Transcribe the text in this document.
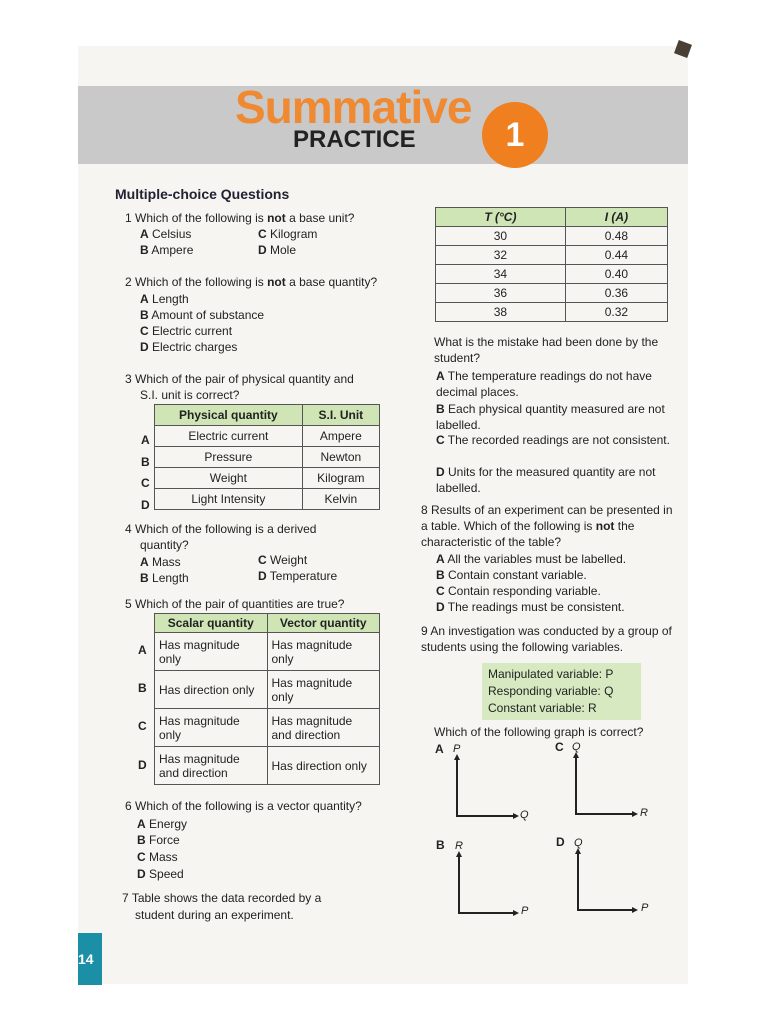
Summative
PRACTICE	1
Multiple-choice Questions
1 Which of the following is not a base unit?
A Celsius	C Kilogram
B Ampere	D Mole
2 Which of the following is not a base quantity?
A Length
B Amount of substance
C Electric current
D Electric charges
3 Which of the pair of physical quantity and
S.I. unit is correct?
Physical quantity	S.I. Unit
Electric current	Ampere
Pressure	Newton
Weight	Kilogram
Light Intensity	Kelvin
A
B
C
D
4 Which of the following is a derived
quantity?
A Mass	C Weight
B Length	D Temperature
5 Which of the pair of quantities are true?
Scalar quantity	Vector quantity
Has magnitude only	Has magnitude only
Has direction only	Has magnitude only
Has magnitude only	Has magnitude and direction
Has magnitude and direction	Has direction only
A
B
C
D
6 Which of the following is a vector quantity?
A Energy
B Force
C Mass
D Speed
7 Table shows the data recorded by a
student during an experiment.
T (°C)	I (A)
30	0.48
32	0.44
34	0.40
36	0.36
38	0.32
What is the mistake had been done by the student?
A The temperature readings do not have decimal places.
B Each physical quantity measured are not labelled.
C The recorded readings are not consistent.
D Units for the measured quantity are not labelled.
8 Results of an experiment can be presented in a table. Which of the following is not the characteristic of the table?
A All the variables must be labelled.
B Contain constant variable.
C Contain responding variable.
D The readings must be consistent.
9 An investigation was conducted by a group of students using the following variables.
Manipulated variable: P
Responding variable: Q
Constant variable: R
Which of the following graph is correct?
A P
Q
C Q
R
B R
P
D Q
P
14
